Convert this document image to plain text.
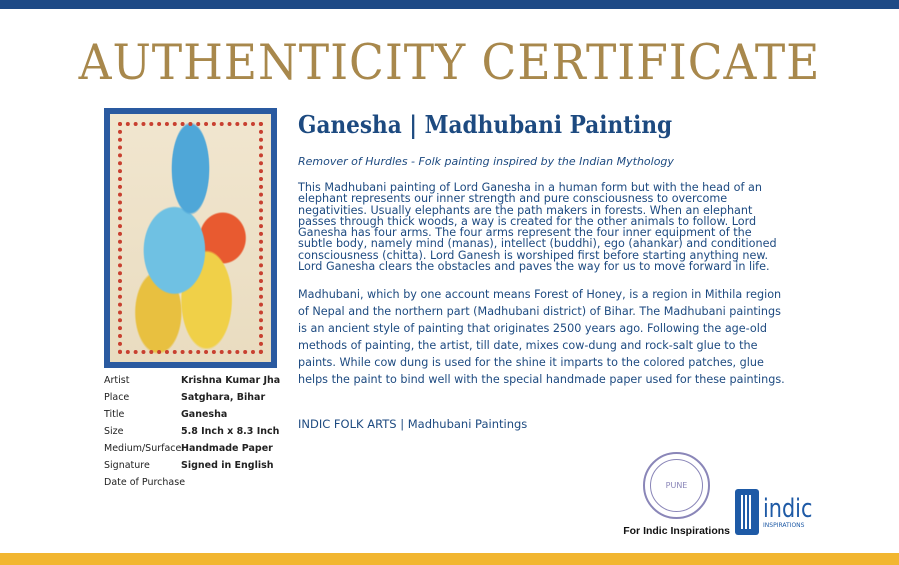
AUTHENTICITY CERTIFICATE
Artist	Krishna Kumar Jha
Place	Satghara, Bihar
Title	Ganesha
Size	5.8 Inch x 8.3 Inch
Medium/Surface Handmade Paper
Signature	Signed in English
Date of Purchase
Ganesha | Madhubani Painting
Remover of Hurdles - Folk painting inspired by the Indian Mythology
This Madhubani painting of Lord Ganesha in a human form but with the head of an elephant represents our inner strength and pure consciousness to overcome negativities. Usually elephants are the path makers in forests. When an elephant passes through thick woods, a way is created for the other animals to follow. Lord Ganesha has four arms. The four arms represent the four inner equipment of the subtle body, namely mind (manas), intellect (buddhi), ego (ahankar) and conditioned consciousness (chitta). Lord Ganesh is worshiped first before starting anything new. Lord Ganesha clears the obstacles and paves the way for us to move forward in life.
Madhubani, which by one account means Forest of Honey, is a region in Mithila region of Nepal and the northern part (Madhubani district) of Bihar. The Madhubani paintings is an ancient style of painting that originates 2500 years ago. Following the age-old methods of painting, the artist, till date, mixes cow-dung and rock-salt glue to the paints. While cow dung is used for the shine it imparts to the colored patches, glue helps the paint to bind well with the special handmade paper used for these paintings.
INDIC FOLK ARTS | Madhubani Paintings
PUNE
For Indic Inspirations
indic
INSPIRATIONS
